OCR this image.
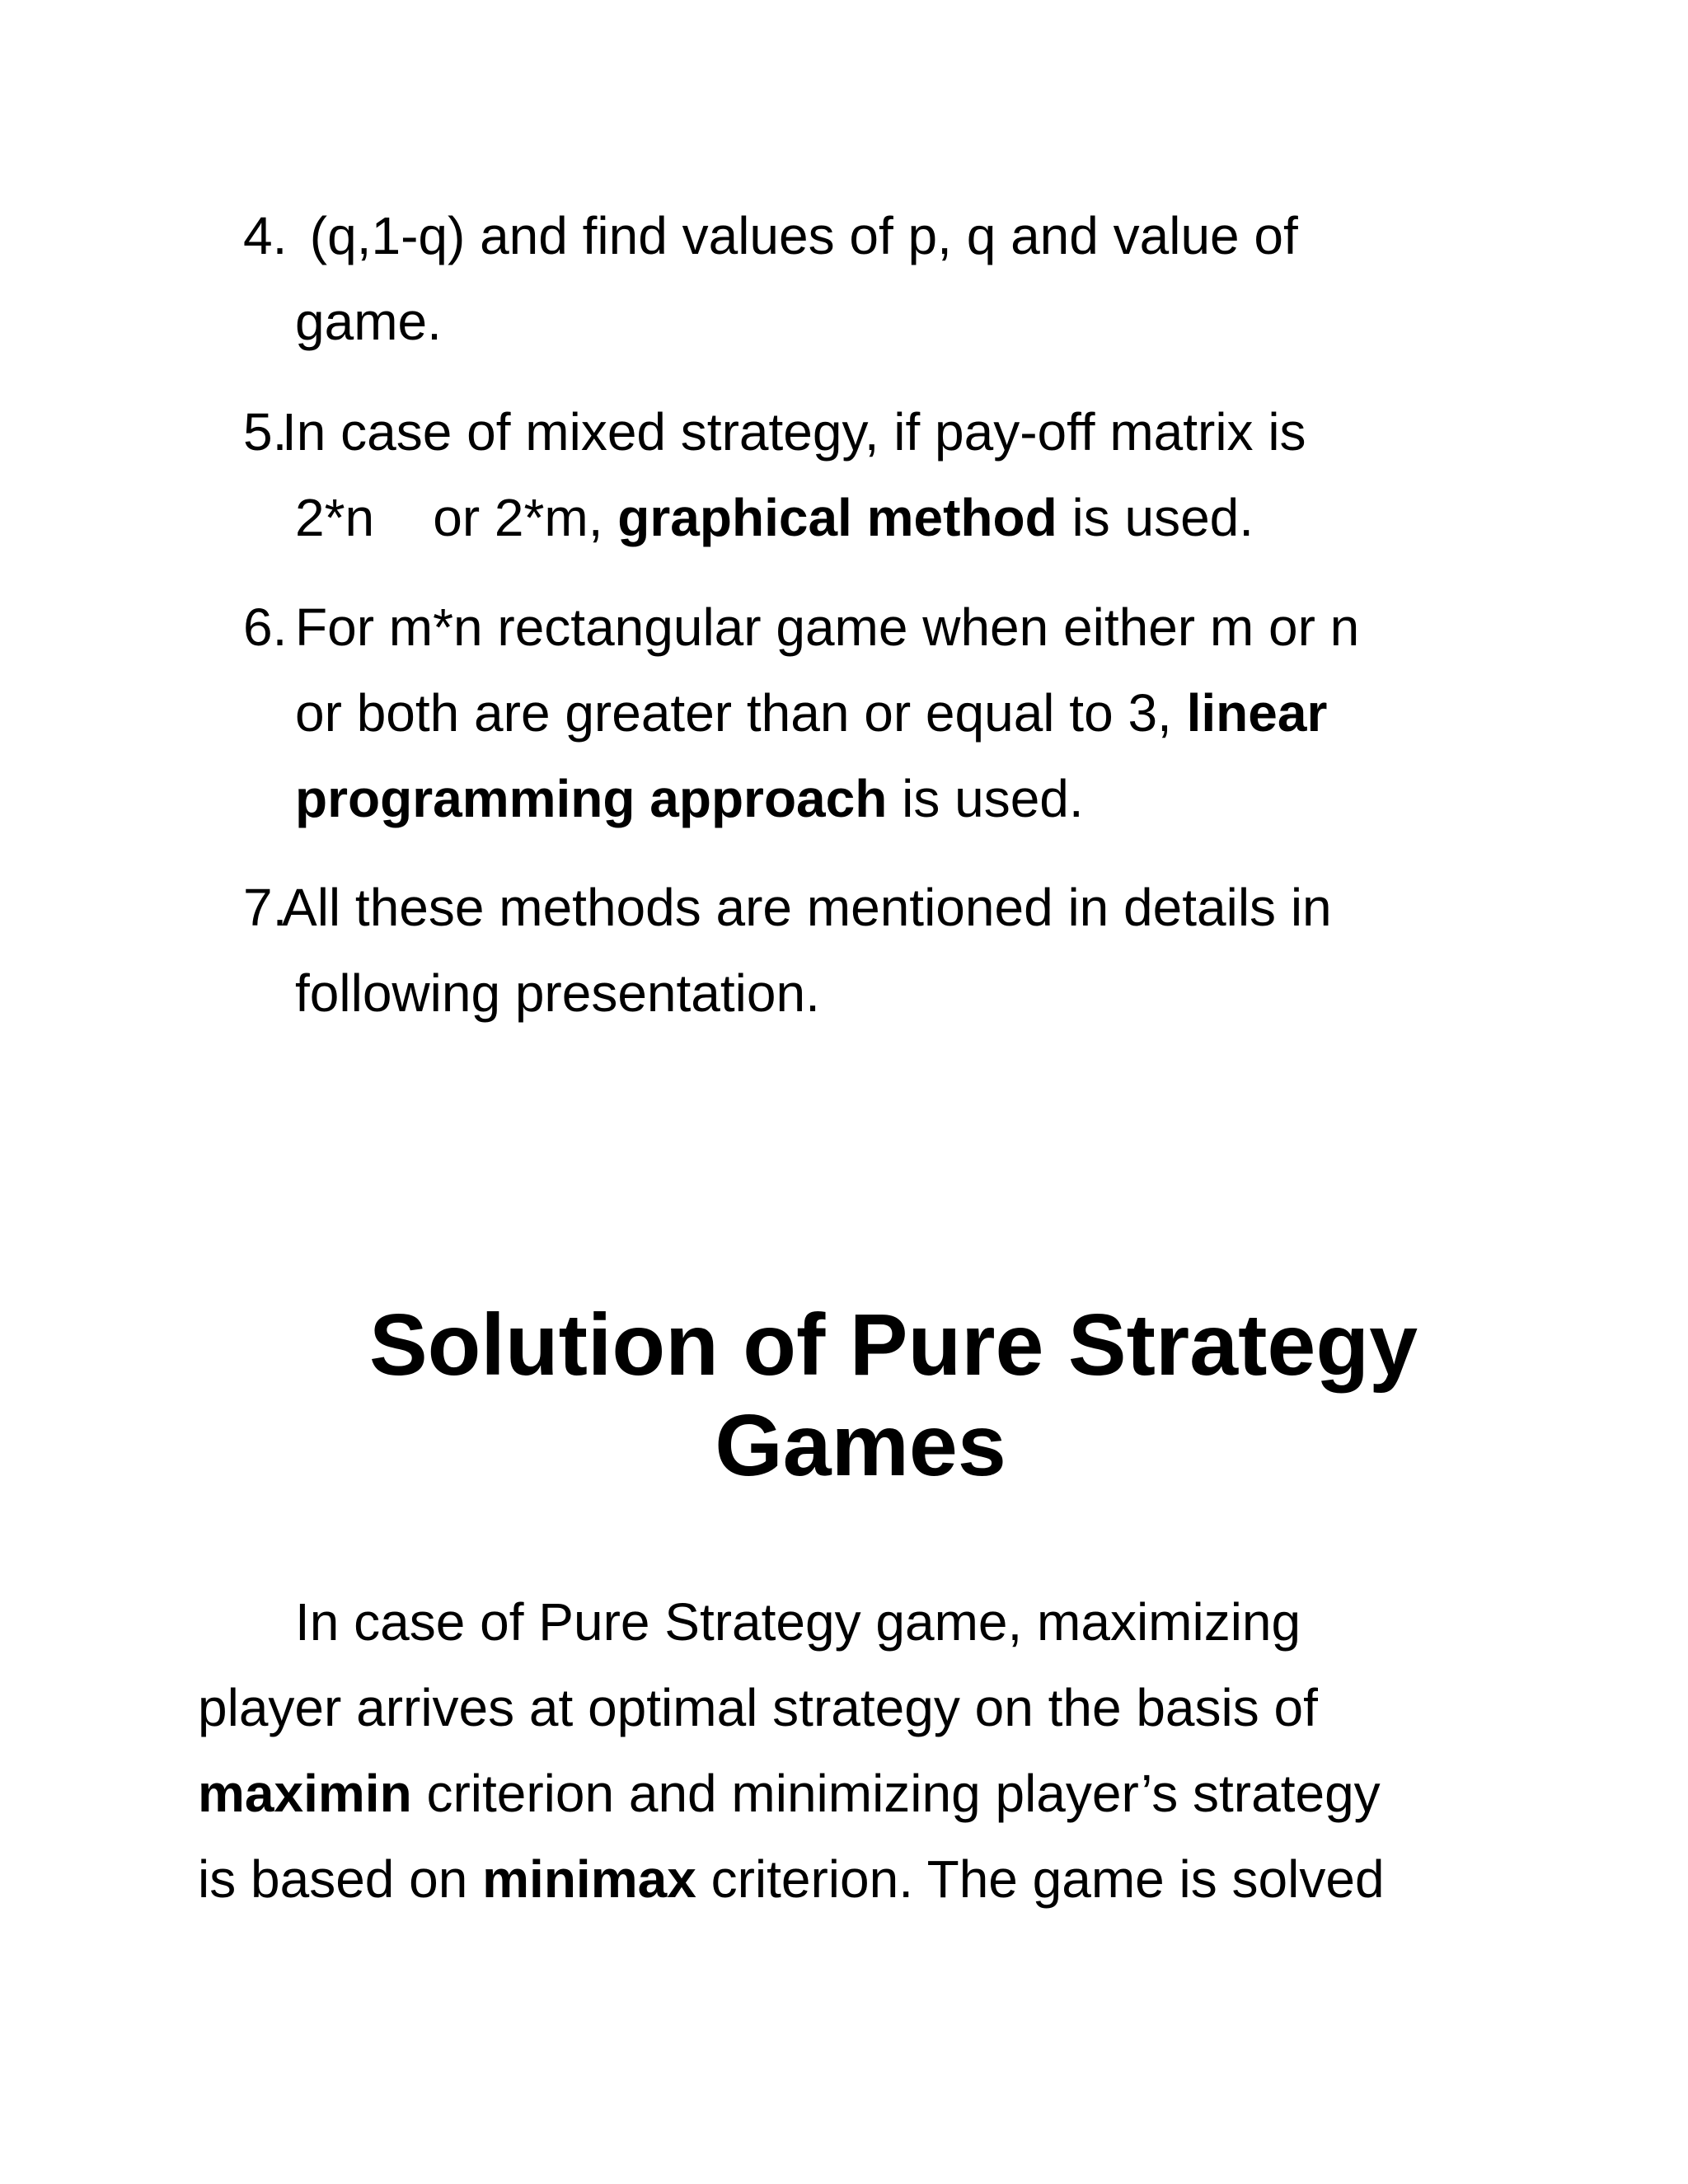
4. (q,1-q) and find values of p, q and value of
game.
5.
In case of mixed strategy, if pay-off matrix is
2*n    or 2*m, graphical method is used.
6. For m*n rectangular game when either m or n
or both are greater than or equal to 3, linear
programming approach is used.
7.
All these methods are mentioned in details in
following presentation.
Solution of Pure Strategy
Games
In case of Pure Strategy game, maximizing
player arrives at optimal strategy on the basis of
maximin criterion and minimizing player’s strategy
is based on minimax criterion. The game is solved
